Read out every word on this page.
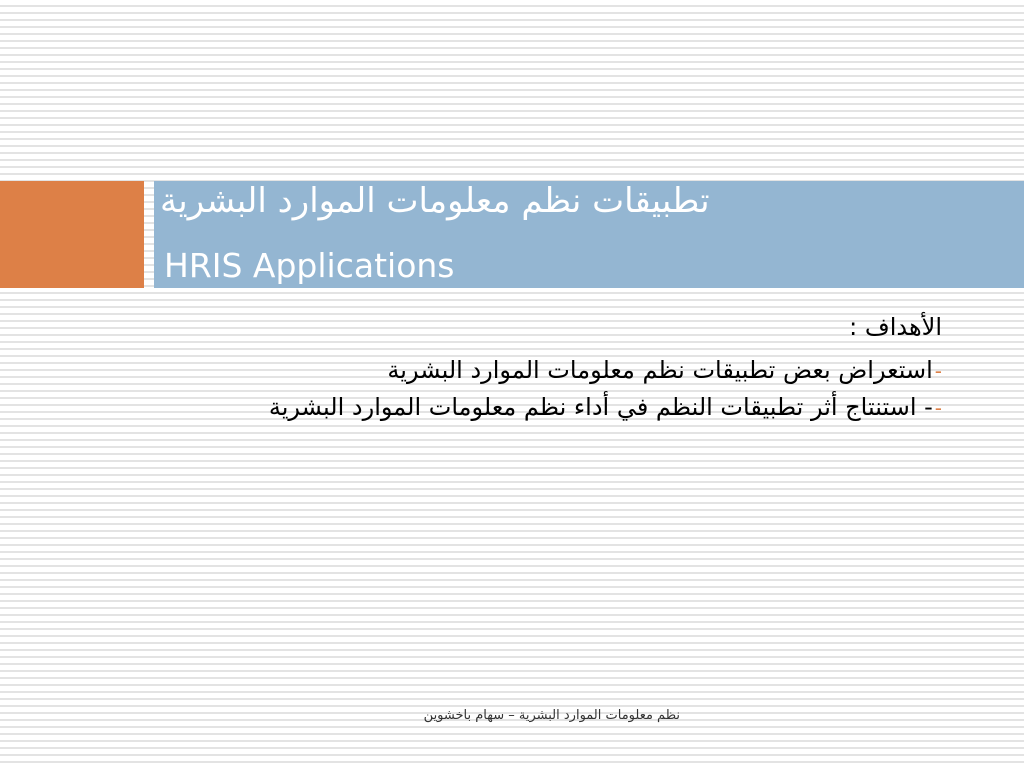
تطبيقات نظم معلومات الموارد البشرية
HRIS Applications
الأهداف :
-استعراض بعض تطبيقات نظم معلومات الموارد البشرية
-- استنتاج أثر تطبيقات النظم في أداء نظم معلومات الموارد البشرية
نظم معلومات الموارد البشرية – سهام باخشوين
